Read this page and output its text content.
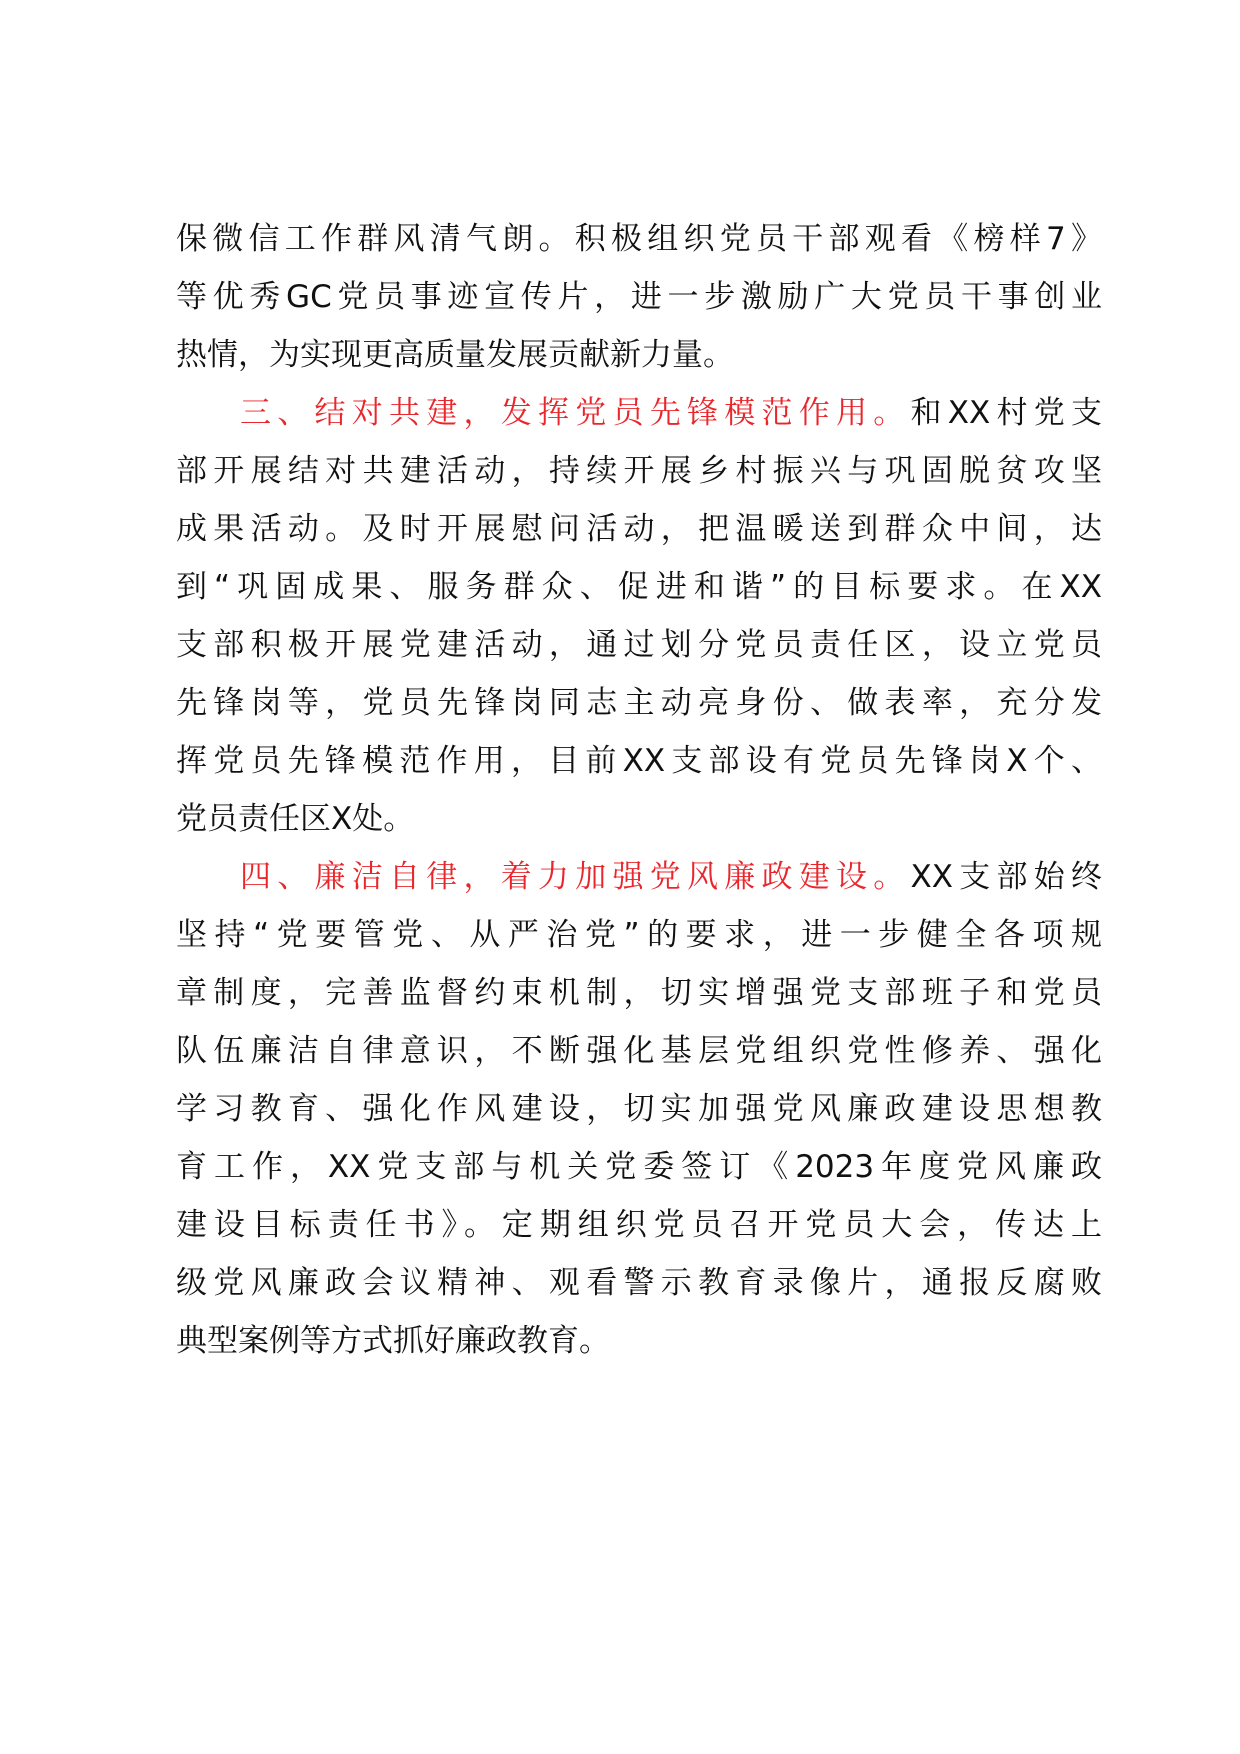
保微信工作群风清气朗。积极组织党员干部观看《榜样7》
等优秀GC党员事迹宣传片，进一步激励广大党员干事创业
热情，为实现更高质量发展贡献新力量。
三、结对共建，发挥党员先锋模范作用。和XX村党支
部开展结对共建活动，持续开展乡村振兴与巩固脱贫攻坚
成果活动。及时开展慰问活动，把温暖送到群众中间，达
到“巩固成果、服务群众、促进和谐”的目标要求。在XX
支部积极开展党建活动，通过划分党员责任区，设立党员
先锋岗等，党员先锋岗同志主动亮身份、做表率，充分发
挥党员先锋模范作用，目前XX支部设有党员先锋岗X个、
党员责任区X处。
四、廉洁自律，着力加强党风廉政建设。XX支部始终
坚持“党要管党、从严治党”的要求，进一步健全各项规
章制度，完善监督约束机制，切实增强党支部班子和党员
队伍廉洁自律意识，不断强化基层党组织党性修养、强化
学习教育、强化作风建设，切实加强党风廉政建设思想教
育工作，XX党支部与机关党委签订《2023年度党风廉政
建设目标责任书》。定期组织党员召开党员大会，传达上
级党风廉政会议精神、观看警示教育录像片，通报反腐败
典型案例等方式抓好廉政教育。
